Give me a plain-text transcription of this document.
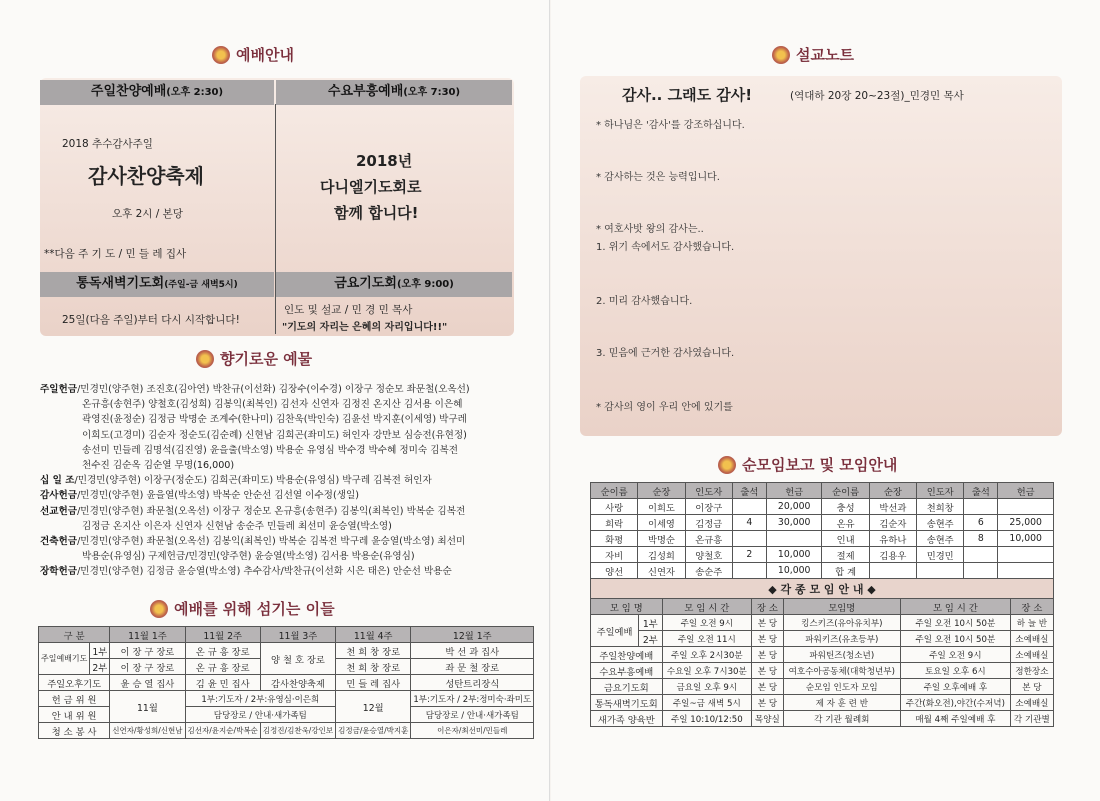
예배안내
주일찬양예배(오후 2:30)	수요부흥예배(오후 7:30)
2018 추수감사주일
감사찬양축제
오후 2시 / 본당
**다음 주 기 도 / 민 들 레 집사
2018년
다니엘기도회로
함께 합니다!
통독새벽기도회(주일-금 새벽5시)	금요기도회(오후 9:00)
25일(다음 주일)부터 다시 시작합니다!
인도 및 설교 / 민 경 민 목사
"기도의 자리는 은혜의 자리입니다!!"
향기로운 예물
주일헌금/민경민(양주현) 조진호(김아연) 박찬규(이선화) 김장수(이수경) 이장구 정순모 좌문철(오옥선)
온규흥(송현주) 양철호(김성희) 김봉익(최복인) 김선자 신연자 김정진 온지산 김서용 이은혜
곽영진(윤정순) 김정금 박명순 조계수(한나미) 김찬욱(박인숙) 김윤선 박지훈(이세영) 박구레
이희도(고경미) 김순자 정순도(김순례) 신현남 김희곤(좌미도) 허인자 강만보 심승전(유현정)
송선미 민들레 김명석(김진영) 윤을출(박소영) 박용순 유영심 박수경 박수혜 정미숙 김복전
천수진 김순옥 김순열 무명(16,000)
십 일 조/민경민(양주현) 이장구(정순도) 김희곤(좌미도) 박용순(유영심) 박구레 김복전 허인자
감사헌금/민경민(양주현) 윤을열(박소영) 박복순 안순선 김선열 이수정(생일)
선교헌금/민경민(양주현) 좌문철(오옥선) 이장구 정순모 온규흥(송현주) 김봉익(최복인) 박복순 김복전
김정금 온지산 이은자 신연자 신현남 송순주 민들레 최선미 윤승열(박소영)
건축헌금/민경민(양주현) 좌문철(오옥선) 김봉익(최복인) 박복순 김복전 박구레 윤승열(박소영) 최선미
박용순(유영심) 구제헌금/민경민(양주현) 윤승열(박소영) 김서용 박용순(유영심)
장학헌금/민경민(양주현) 김정금 윤승열(박소영) 추수감사/박찬규(이선화 시은 태은) 안순선 박용순
예배를 위해 섬기는 이들
구 분		11월 1주	11월 2주	11월 3주	11월 4주	12월 1주
주일예배기도	1부	이 장 구 장로	온 규 흥 장로	양 철 호 장로	천 희 창 장로	박 선 과 집사
	2부	이 장 구 장로	온 규 흥 장로		천 희 창 장로	좌 문 철 장로
주일오후기도		윤 승 열 집사	김 윤 민 집사	감사찬양축제	민 들 레 집사	성탄트리장식
헌 금 위 원		11월	1부:기도자 / 2부:유영심·이은희		12월	1부:기도자 / 2부:정미숙·좌미도
안 내 위 원			담당장로 / 안내·새가족팀			담당장로 / 안내·새가족팀
청 소 봉 사		신연자/황성희/신현남	김선자/윤지순/박복순	김정진/김찬욱/강인보	김정금/윤승열/박지훈	이은자/최선미/민들레
설교노트
감사.. 그래도 감사!	(역대하 20장 20~23절)_민경민 목사
* 하나님은 '감사'를 강조하십니다.
* 감사하는 것은 능력입니다.
* 여호사밧 왕의 감사는..
1. 위기 속에서도 감사했습니다.
2. 미리 감사했습니다.
3. 믿음에 근거한 감사였습니다.
* 감사의 영이 우리 안에 있기를
순모임보고 및 모임안내
순이름	순장	인도자	출석	헌금	순이름	순장	인도자	출석	헌금
사랑	이희도	이장구		20,000	충성	박선과	천희창		
희락	이세영	김정금	4	30,000	온유	김순자	송현주	6	25,000
화평	박명순	온규흥			인내	유하나	송현주	8	10,000
자비	김성희	양철호	2	10,000	절제	김용우	민경민		
양선	신연자	송순주		10,000	합 계				
◆ 각 종 모 임 안 내 ◆						
모 임 명		모 임 시 간	장 소	모임명	모 임 시 간	장 소
주일예배	1부	주일 오전 9시	본 당	킹스키즈(유아유치부)	주일 오전 10시 50분	하 늘 반
	2부	주일 오전 11시	본 당	파워키즈(유초등부)	주일 오전 10시 50분	소예배실
주일찬양예배		주일 오후 2시30분	본 당	파워틴즈(청소년)	주일 오전 9시	소예배실
수요부흥예배		수요일 오후 7시30분	본 당	여호수아공동체(대학청년부)	토요일 오후 6시	정한장소
금요기도회		금요일 오후 9시	본 당	순모임 인도자 모임	주일 오후예배 후	본 당
통독새벽기도회		주일~금 새벽 5시	본 당	제 자 훈 련 반	주간(화오전),야간(수저녁)	소예배실
새가족 양육반		주일 10:10/12:50	목양실	각 기관 월례회	매월 4째 주일예배 후	각 기관별
